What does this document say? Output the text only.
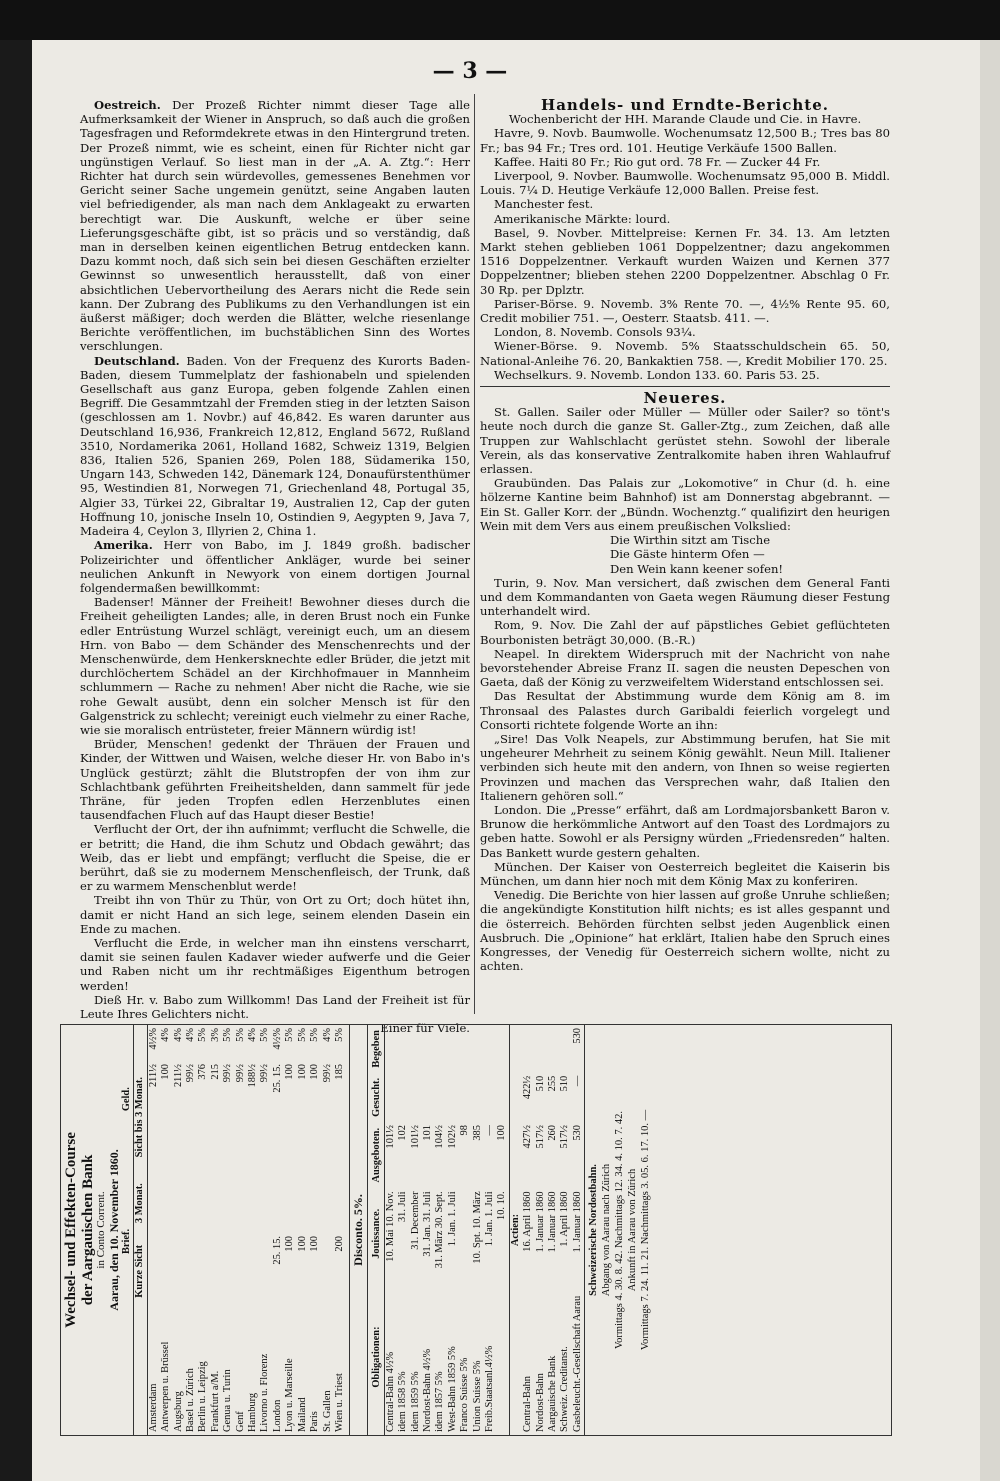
— 3 —

Oestreich. Der Prozeß Richter nimmt dieser Tage alle Aufmerksamkeit der Wiener in Anspruch, so daß auch die großen Tagesfragen und Reformdekrete etwas in den Hintergrund treten. Der Prozeß nimmt, wie es scheint, einen für Richter nicht gar ungünstigen Verlauf. So liest man in der „A. A. Ztg.“: Herr Richter hat durch sein würdevolles, gemessenes Benehmen vor Gericht seiner Sache ungemein genützt, seine Angaben lauten viel befriedigender, als man nach dem Anklageakt zu erwarten berechtigt war. Die Auskunft, welche er über seine Lieferungsgeschäfte gibt, ist so präcis und so verständig, daß man in derselben keinen eigentlichen Betrug entdecken kann. Dazu kommt noch, daß sich sein bei diesen Geschäften erzielter Gewinnst so unwesentlich herausstellt, daß von einer absichtlichen Uebervortheilung des Aerars nicht die Rede sein kann. Der Zubrang des Publikums zu den Verhandlungen ist ein äußerst mäßiger; doch werden die Blätter, welche riesenlange Berichte veröffentlichen, im buchstäblichen Sinn des Wortes verschlungen.

Deutschland. Baden. Von der Frequenz des Kurorts Baden-Baden, diesem Tummelplatz der fashionabeln und spielenden Gesellschaft aus ganz Europa, geben folgende Zahlen einen Begriff. Die Gesammtzahl der Fremden stieg in der letzten Saison (geschlossen am 1. Novbr.) auf 46,842. Es waren darunter aus Deutschland 16,936, Frankreich 12,812, England 5672, Rußland 3510, Nordamerika 2061, Holland 1682, Schweiz 1319, Belgien 836, Italien 526, Spanien 269, Polen 188, Südamerika 150, Ungarn 143, Schweden 142, Dänemark 124, Donaufürstenthümer 95, Westindien 81, Norwegen 71, Griechenland 48, Portugal 35, Algier 33, Türkei 22, Gibraltar 19, Australien 12, Cap der guten Hoffnung 10, jonische Inseln 10, Ostindien 9, Aegypten 9, Java 7, Madeira 4, Ceylon 3, Illyrien 2, China 1.

Amerika. Herr von Babo, im J. 1849 großh. badischer Polizeirichter und öffentlicher Ankläger, wurde bei seiner neulichen Ankunft in Newyork von einem dortigen Journal folgendermaßen bewillkommt:

Badenser! Männer der Freiheit! Bewohner dieses durch die Freiheit geheiligten Landes; alle, in deren Brust noch ein Funke edler Entrüstung Wurzel schlägt, vereinigt euch, um an diesem Hrn. von Babo — dem Schänder des Menschenrechts und der Menschenwürde, dem Henkersknechte edler Brüder, die jetzt mit durchlöchertem Schädel an der Kirchhofmauer in Mannheim schlummern — Rache zu nehmen! Aber nicht die Rache, wie sie rohe Gewalt ausübt, denn ein solcher Mensch ist für den Galgenstrick zu schlecht; vereinigt euch vielmehr zu einer Rache, wie sie moralisch entrüsteter, freier Männern würdig ist!

Brüder, Menschen! gedenkt der Thräuen der Frauen und Kinder, der Wittwen und Waisen, welche dieser Hr. von Babo in's Unglück gestürzt; zählt die Blutstropfen der von ihm zur Schlachtbank geführten Freiheitshelden, dann sammelt für jede Thräne, für jeden Tropfen edlen Herzenblutes einen tausendfachen Fluch auf das Haupt dieser Bestie!

Verflucht der Ort, der ihn aufnimmt; verflucht die Schwelle, die er betritt; die Hand, die ihm Schutz und Obdach gewährt; das Weib, das er liebt und empfängt; verflucht die Speise, die er berührt, daß sie zu modernem Menschenfleisch, der Trunk, daß er zu warmem Menschenblut werde!

Treibt ihn von Thür zu Thür, von Ort zu Ort; doch hütet ihn, damit er nicht Hand an sich lege, seinem elenden Dasein ein Ende zu machen.

Verflucht die Erde, in welcher man ihn einstens verscharrt, damit sie seinen faulen Kadaver wieder aufwerfe und die Geier und Raben nicht um ihr rechtmäßiges Eigenthum betrogen werden!

Dieß Hr. v. Babo zum Willkomm! Das Land der Freiheit ist für Leute Ihres Gelichters nicht.

Einer für Viele.

Handels- und Erndte-Berichte.

Wochenbericht der HH. Marande Claude und Cie. in Havre.

Havre, 9. Novb. Baumwolle. Wochenumsatz 12,500 B.; Tres bas 80 Fr.; bas 94 Fr.; Tres ord. 101. Heutige Verkäufe 1500 Ballen.

Kaffee. Haiti 80 Fr.; Rio gut ord. 78 Fr. — Zucker 44 Fr.

Liverpool, 9. Novber. Baumwolle. Wochenumsatz 95,000 B. Middl. Louis. 7¼ D. Heutige Verkäufe 12,000 Ballen. Preise fest.

Manchester fest.

Amerikanische Märkte: lourd.

Basel, 9. Novber. Mittelpreise: Kernen Fr. 34. 13. Am letzten Markt stehen geblieben 1061 Doppelzentner; dazu angekommen 1516 Doppelzentner. Verkauft wurden Waizen und Kernen 377 Doppelzentner; blieben stehen 2200 Doppelzentner. Abschlag 0 Fr. 30 Rp. per Dplztr.

Pariser-Börse. 9. Novemb. 3% Rente 70. —, 4½% Rente 95. 60, Credit mobilier 751. —, Oesterr. Staatsb. 411. —.

London, 8. Novemb. Consols 93¼.

Wiener-Börse. 9. Novemb. 5% Staatsschuldschein 65. 50, National-Anleihe 76. 20, Bankaktien 758. —, Kredit Mobilier 170. 25.

Wechselkurs. 9. Novemb. London 133. 60. Paris 53. 25.

Neueres.

St. Gallen. Sailer oder Müller — Müller oder Sailer? so tönt's heute noch durch die ganze St. Galler-Ztg., zum Zeichen, daß alle Truppen zur Wahlschlacht gerüstet stehn. Sowohl der liberale Verein, als das konservative Zentralkomite haben ihren Wahlaufruf erlassen.

Graubünden. Das Palais zur „Lokomotive“ in Chur (d. h. eine hölzerne Kantine beim Bahnhof) ist am Donnerstag abgebrannt. — Ein St. Galler Korr. der „Bündn. Wochenztg.“ qualifizirt den heurigen Wein mit dem Vers aus einem preußischen Volkslied:

Die Wirthin sitzt am Tische

Die Gäste hinterm Ofen —

Den Wein kann keener sofen!

Turin, 9. Nov. Man versichert, daß zwischen dem General Fanti und dem Kommandanten von Gaeta wegen Räumung dieser Festung unterhandelt wird.

Rom, 9. Nov. Die Zahl der auf päpstliches Gebiet geflüchteten Bourbonisten beträgt 30,000. (B.-R.)

Neapel. In direktem Widerspruch mit der Nachricht von nahe bevorstehender Abreise Franz II. sagen die neusten Depeschen von Gaeta, daß der König zu verzweifeltem Widerstand entschlossen sei.

Das Resultat der Abstimmung wurde dem König am 8. im Thronsaal des Palastes durch Garibaldi feierlich vorgelegt und Consorti richtete folgende Worte an ihn:

„Sire! Das Volk Neapels, zur Abstimmung berufen, hat Sie mit ungeheurer Mehrheit zu seinem König gewählt. Neun Mill. Italiener verbinden sich heute mit den andern, von Ihnen so weise regierten Provinzen und machen das Versprechen wahr, daß Italien den Italienern gehören soll.“

London. Die „Presse“ erfährt, daß am Lordmajorsbankett Baron v. Brunow die herkömmliche Antwort auf den Toast des Lordmajors zu geben hatte. Sowohl er als Persigny würden „Friedensreden“ halten. Das Bankett wurde gestern gehalten.

München. Der Kaiser von Oesterreich begleitet die Kaiserin bis München, um dann hier noch mit dem König Max zu konferiren.

Venedig. Die Berichte von hier lassen auf große Unruhe schließen; die angekündigte Konstitution hilft nichts; es ist alles gespannt und die österreich. Behörden fürchten selbst jeden Augenblick einen Ausbruch. Die „Opinione“ hat erklärt, Italien habe den Spruch eines Kongresses, der Venedig für Oesterreich sichern wollte, nicht zu achten.

Wechsel- und Effekten-Course der Aargauischen Bank in Conto Corrent. Aarau, den 10. November 1860.
	Brief.		Geld.	
	Kurze Sicht	3 Monat.	Sicht bis 3 Monat.	
Amsterdam			211½	4½%
Antwerpen u. Brüssel			100	4%
Augsburg			211½	4%
Basel u. Zürich			99½	4%
Berlin u. Leipzig			376	5%
Frankfurt a/M.			215	3%
Genua u. Turin			99½	5%
Genf			99½	5%
Hamburg			188½	4%
Livorno u. Florenz			99½	5%
London	25. 15.		25. 15.	4½%
Lyon u. Marseille	100		100	5%
Mailand	100		100	5%
Paris	100		100	5%
St. Gallen			99½	4%
Wien u. Triest	200		185	5%
Disconto. 5%.
Obligationen:	Jouissance.	Ausgeboten.	Gesucht.	Begeben
Central-Bahn 4½%	10. Mai 10. Nov.	101½		
idem 1858 5%	31. Juli	102		
idem 1859 5%	31. December	101½		
Nordost-Bahn 4½%	31. Jan. 31. Juli	101		
idem 1857 5%	31. März 30. Sept.	104½		
West-Bahn 1859 5%	1. Jan. 1. Juli	102½		
Franco Suisse 5%		98		
Union Suisse 5%	10. Spt. 10. März	385		
Freib.Staatsanl.4½%	1. Jan. 1. Juli	—		
	10. 10.	100		
Actien:				
Central-Bahn	16. April 1860	427½	422½	
Nordost-Bahn	1. Januar 1860	517½	510	
Aargauische Bank	1. Januar 1860	260	255	
Schweiz. Creditanst.	1. April 1860	517½	510	
Gasbeleucht.-Gesellschaft Aarau	1. Januar 1860	530	—	530
Schweizerische Nordostbahn. Abgang von Aarau nach Zürich Vormittags 4. 30. 8. 42. Nachmittags 12. 34. 4. 10. 7. 42. Ankunft in Aarau von Zürich Vormittags 7. 24. 11. 21. Nachmittags 3. 05. 6. 17. 10. —
